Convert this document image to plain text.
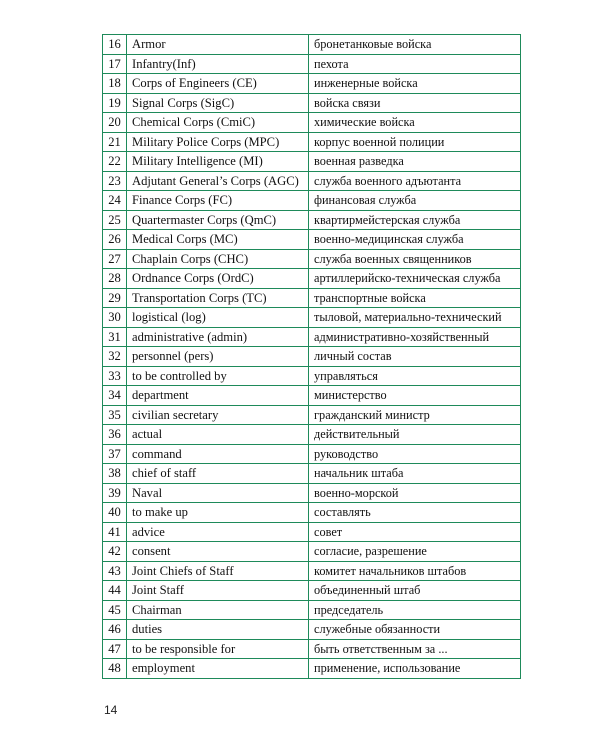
16	Armor	бронетанковые войска
17	Infantry(Inf)	пехота
18	Corps of Engineers (CE)	инженерные войска
19	Signal Corps (SigC)	войска связи
20	Chemical Corps (CmiC)	химические войска
21	Military Police Corps (MPC)	корпус военной полиции
22	Military Intelligence (MI)	военная разведка
23	Adjutant General’s Corps (AGC)	служба военного адъютанта
24	Finance Corps (FC)	финансовая служба
25	Quartermaster Corps (QmC)	квартирмейстерская служба
26	Medical Corps (MC)	военно-медицинская служба
27	Chaplain Corps (CHC)	служба военных священников
28	Ordnance Corps (OrdC)	артиллерийско-техническая служба
29	Transportation Corps (TC)	транспортные войска
30	logistical (log)	тыловой, материально-технический
31	administrative (admin)	административно-хозяйственный
32	personnel (pers)	личный состав
33	to be controlled by	управляться
34	department	министерство
35	civilian secretary	гражданский министр
36	actual	действительный
37	command	руководство
38	chief of staff	начальник штаба
39	Naval	военно-морской
40	to make up	составлять
41	advice	совет
42	consent	согласие, разрешение
43	Joint Chiefs of Staff	комитет начальников штабов
44	Joint Staff	объединенный штаб
45	Chairman	председатель
46	duties	служебные обязанности
47	to be responsible for	быть ответственным за ...
48	employment	применение, использование
14
